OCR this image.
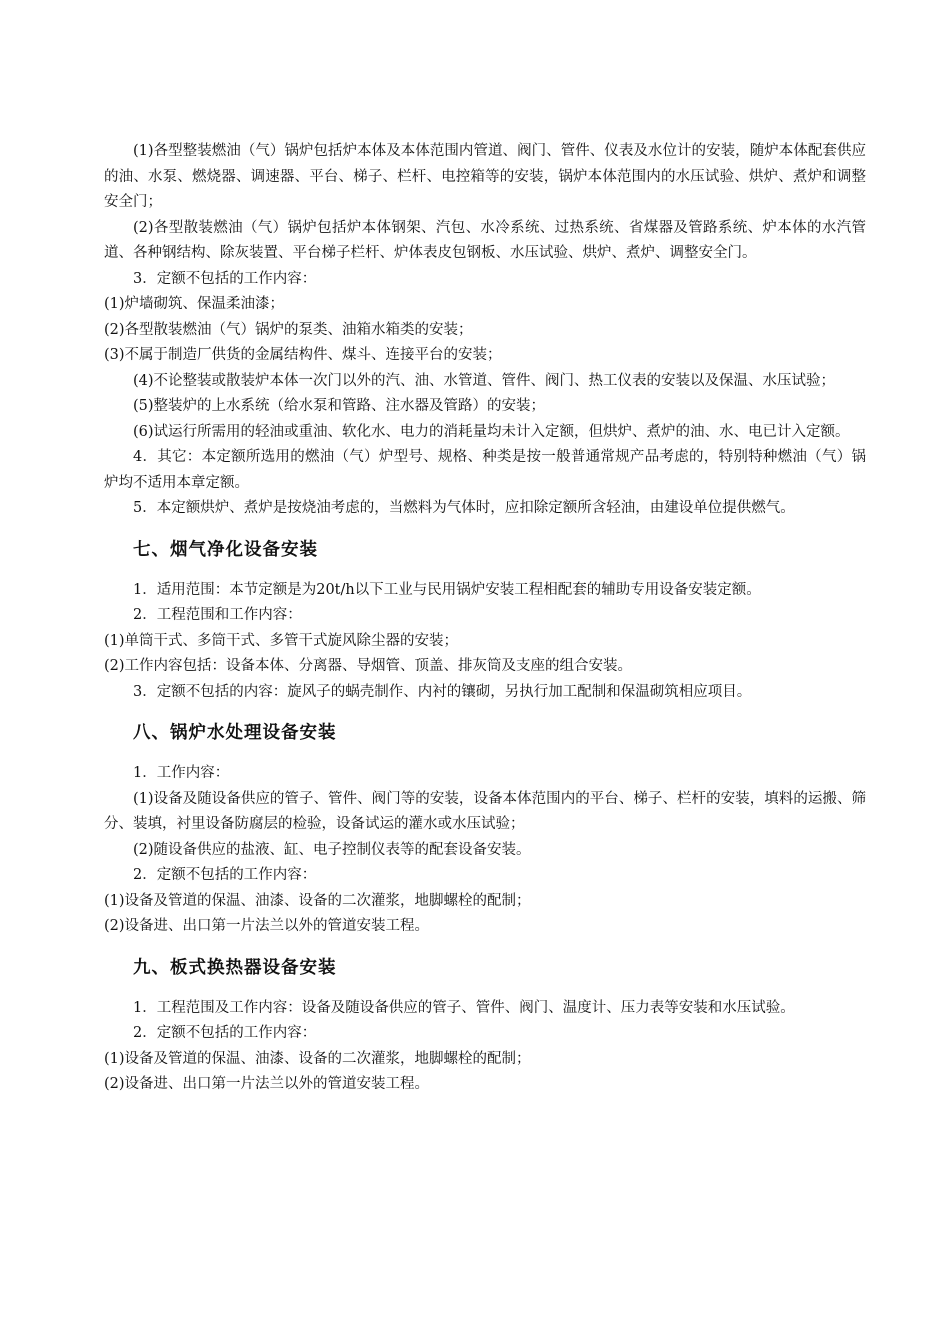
(1)各型整装燃油（气）锅炉包括炉本体及本体范围内管道、阀门、管件、仪表及水位计的安装，随炉本体配套供应的油、水泵、燃烧器、调速器、平台、梯子、栏杆、电控箱等的安装，锅炉本体范围内的水压试验、烘炉、煮炉和调整安全门；

(2)各型散装燃油（气）锅炉包括炉本体钢架、汽包、水冷系统、过热系统、省煤器及管路系统、炉本体的水汽管道、各种钢结构、除灰装置、平台梯子栏杆、炉体表皮包钢板、水压试验、烘炉、煮炉、调整安全门。

3．定额不包括的工作内容：

(1)炉墙砌筑、保温柔油漆；

(2)各型散装燃油（气）锅炉的泵类、油箱水箱类的安装；

(3)不属于制造厂供货的金属结构件、煤斗、连接平台的安装；

(4)不论整装或散装炉本体一次门以外的汽、油、水管道、管件、阀门、热工仪表的安装以及保温、水压试验；

(5)整装炉的上水系统（给水泵和管路、注水器及管路）的安装；

(6)试运行所需用的轻油或重油、软化水、电力的消耗量均未计入定额，但烘炉、煮炉的油、水、电已计入定额。

4．其它：本定额所选用的燃油（气）炉型号、规格、种类是按一般普通常规产品考虑的，特别特种燃油（气）锅炉均不适用本章定额。

5．本定额烘炉、煮炉是按烧油考虑的，当燃料为气体时，应扣除定额所含轻油，由建设单位提供燃气。

七、烟气净化设备安装

1．适用范围：本节定额是为20t/h以下工业与民用锅炉安装工程相配套的辅助专用设备安装定额。

2．工程范围和工作内容：

(1)单筒干式、多筒干式、多管干式旋风除尘器的安装；

(2)工作内容包括：设备本体、分离器、导烟管、顶盖、排灰筒及支座的组合安装。

3．定额不包括的内容：旋风子的蜗壳制作、内衬的镶砌，另执行加工配制和保温砌筑相应项目。

八、锅炉水处理设备安装

1．工作内容：

(1)设备及随设备供应的管子、管件、阀门等的安装，设备本体范围内的平台、梯子、栏杆的安装，填料的运搬、筛分、装填，衬里设备防腐层的检验，设备试运的灌水或水压试验；

(2)随设备供应的盐液、缸、电子控制仪表等的配套设备安装。

2．定额不包括的工作内容：

(1)设备及管道的保温、油漆、设备的二次灌浆，地脚螺栓的配制；

(2)设备进、出口第一片法兰以外的管道安装工程。

九、板式换热器设备安装

1．工程范围及工作内容：设备及随设备供应的管子、管件、阀门、温度计、压力表等安装和水压试验。

2．定额不包括的工作内容：

(1)设备及管道的保温、油漆、设备的二次灌浆，地脚螺栓的配制；

(2)设备进、出口第一片法兰以外的管道安装工程。
